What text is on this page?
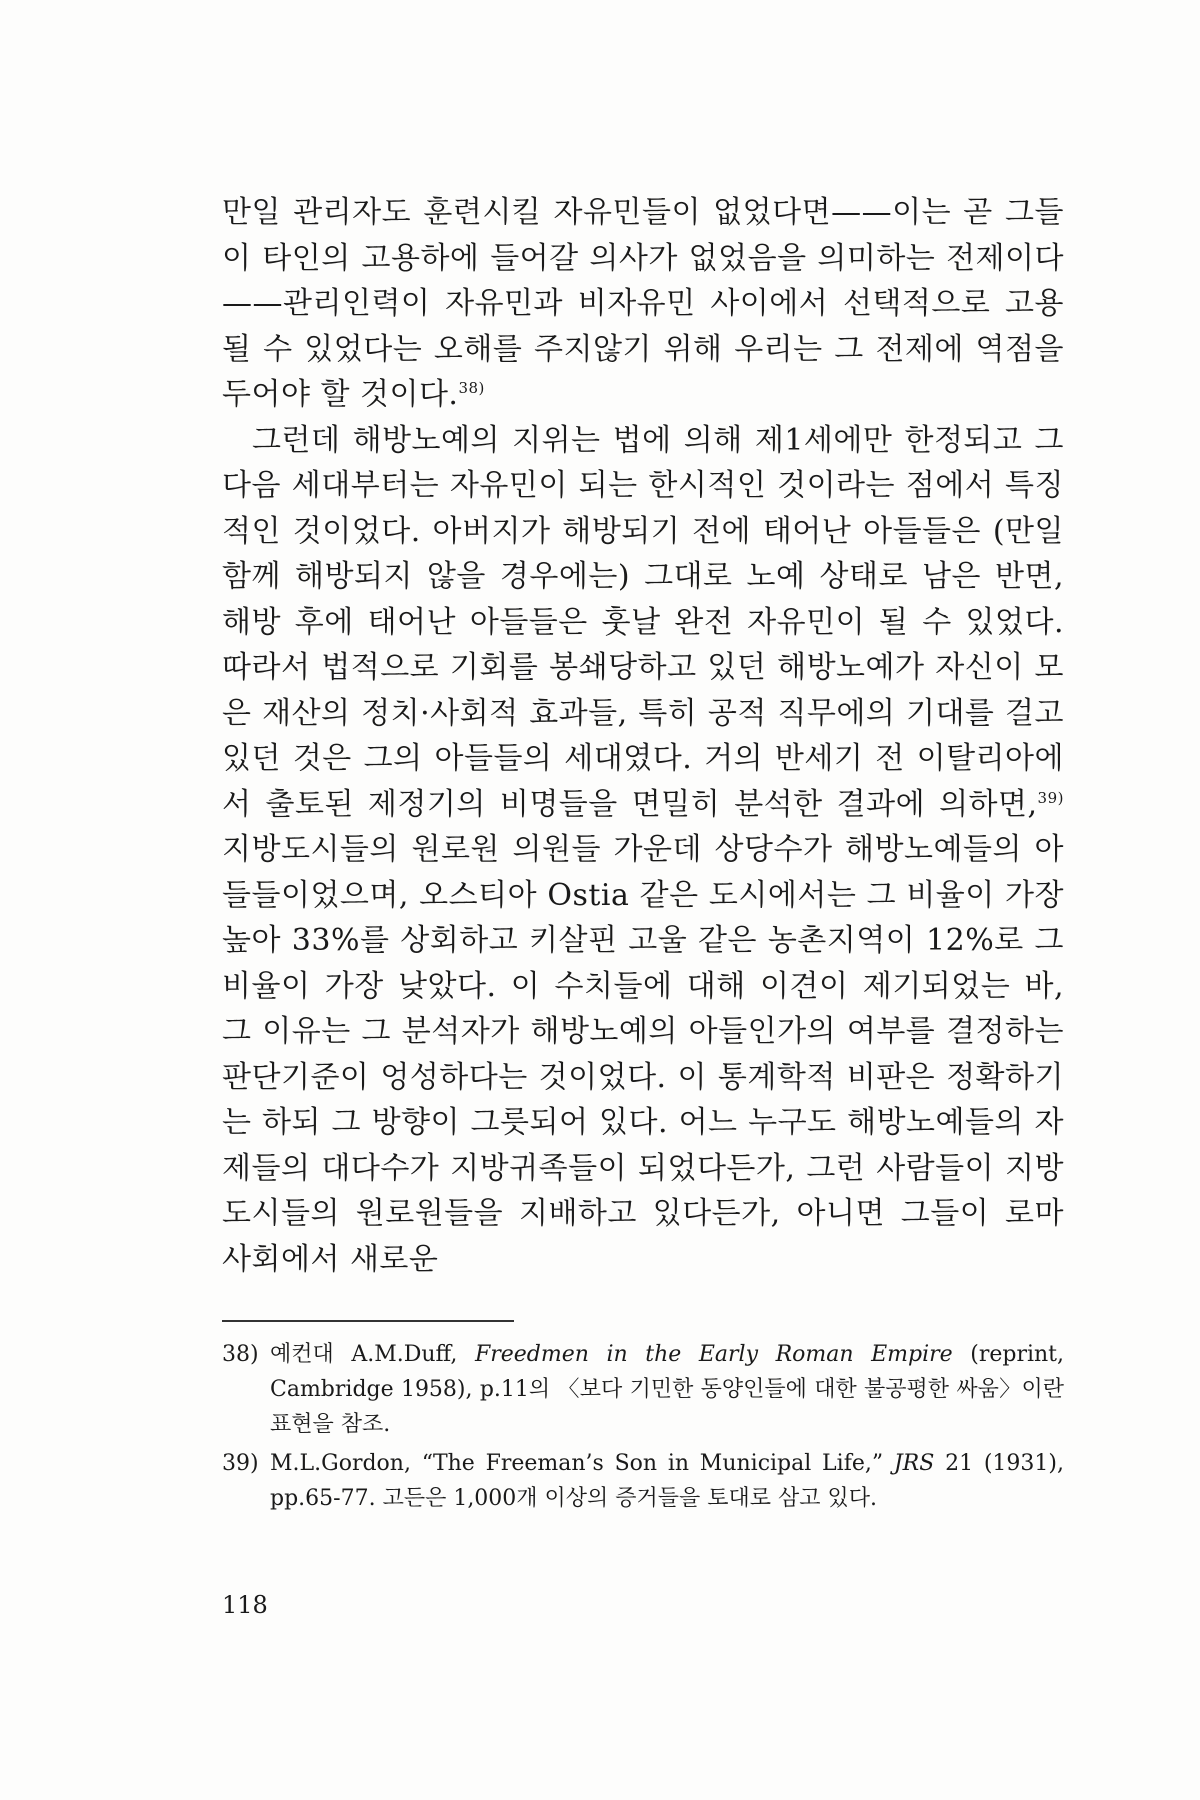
만일 관리자도 훈련시킬 자유민들이 없었다면——이는 곧 그들이 타인의 고용하에 들어갈 의사가 없었음을 의미하는 전제이다——관리인력이 자유민과 비자유민 사이에서 선택적으로 고용될 수 있었다는 오해를 주지않기 위해 우리는 그 전제에 역점을 두어야 할 것이다.$^{38)}$

그런데 해방노예의 지위는 법에 의해 제1세에만 한정되고 그 다음 세대부터는 자유민이 되는 한시적인 것이라는 점에서 특징적인 것이었다. 아버지가 해방되기 전에 태어난 아들들은 (만일 함께 해방되지 않을 경우에는) 그대로 노예 상태로 남은 반면, 해방 후에 태어난 아들들은 훗날 완전 자유민이 될 수 있었다. 따라서 법적으로 기회를 봉쇄당하고 있던 해방노예가 자신이 모은 재산의 정치·사회적 효과들, 특히 공적 직무에의 기대를 걸고 있던 것은 그의 아들들의 세대였다. 거의 반세기 전 이탈리아에서 출토된 제정기의 비명들을 면밀히 분석한 결과에 의하면,$^{39)}$ 지방도시들의 원로원 의원들 가운데 상당수가 해방노예들의 아들들이었으며, 오스티아 Ostia 같은 도시에서는 그 비율이 가장 높아 33%를 상회하고 키살핀 고울 같은 농촌지역이 12%로 그 비율이 가장 낮았다. 이 수치들에 대해 이견이 제기되었는 바, 그 이유는 그 분석자가 해방노예의 아들인가의 여부를 결정하는 판단기준이 엉성하다는 것이었다. 이 통계학적 비판은 정확하기는 하되 그 방향이 그릇되어 있다. 어느 누구도 해방노예들의 자제들의 대다수가 지방귀족들이 되었다든가, 그런 사람들이 지방도시들의 원로원들을 지배하고 있다든가, 아니면 그들이 로마 사회에서 새로운

38) 예컨대 A.M.Duff, Freedmen in the Early Roman Empire (reprint, Cambridge 1958), p.11의 〈보다 기민한 동양인들에 대한 불공평한 싸움〉이란 표현을 참조.
39) M.L.Gordon, “The Freeman’s Son in Municipal Life,” JRS 21 (1931), pp.65-77. 고든은 1,000개 이상의 증거들을 토대로 삼고 있다.
118
